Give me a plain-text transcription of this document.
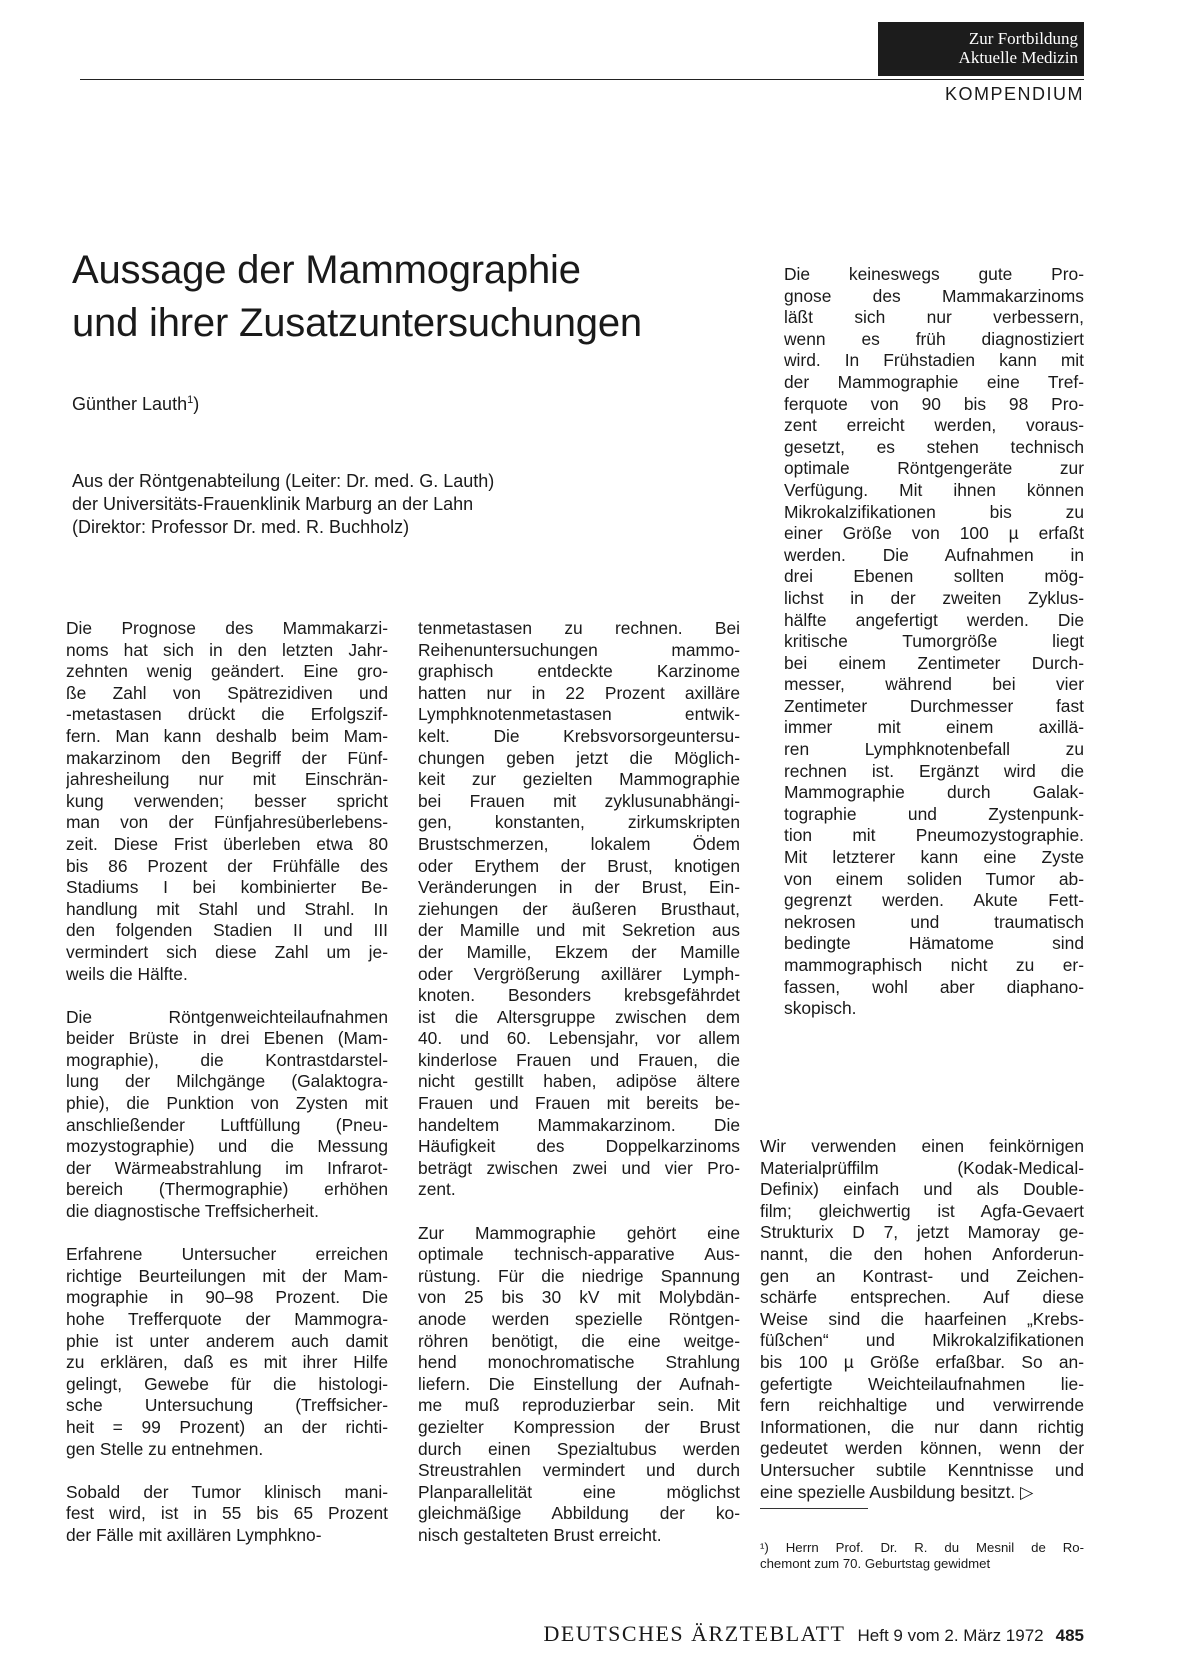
Zur Fortbildung
Aktuelle Medizin
KOMPENDIUM
Aussage der Mammographie
und ihrer Zusatzuntersuchungen
Günther Lauth$^1$)
Aus der Röntgenabteilung (Leiter: Dr. med. G. Lauth)
der Universitäts-Frauenklinik Marburg an der Lahn
(Direktor: Professor Dr. med. R. Buchholz)
Die Prognose des Mammakarzi-
noms hat sich in den letzten Jahr-
zehnten wenig geändert. Eine gro-
ße Zahl von Spätrezidiven und
-metastasen drückt die Erfolgszif-
fern. Man kann deshalb beim Mam-
makarzinom den Begriff der Fünf-
jahresheilung nur mit Einschrän-
kung verwenden; besser spricht
man von der Fünfjahresüberlebens-
zeit. Diese Frist überleben etwa 80
bis 86 Prozent der Frühfälle des
Stadiums I bei kombinierter Be-
handlung mit Stahl und Strahl. In
den folgenden Stadien II und III
vermindert sich diese Zahl um je-
weils die Hälfte.
Die Röntgenweichteilaufnahmen
beider Brüste in drei Ebenen (Mam-
mographie), die Kontrastdarstel-
lung der Milchgänge (Galaktogra-
phie), die Punktion von Zysten mit
anschließender Luftfüllung (Pneu-
mozystographie) und die Messung
der Wärmeabstrahlung im Infrarot-
bereich (Thermographie) erhöhen
die diagnostische Treffsicherheit.
Erfahrene Untersucher erreichen
richtige Beurteilungen mit der Mam-
mographie in 90–98 Prozent. Die
hohe Trefferquote der Mammogra-
phie ist unter anderem auch damit
zu erklären, daß es mit ihrer Hilfe
gelingt, Gewebe für die histologi-
sche Untersuchung (Treffsicher-
heit = 99 Prozent) an der richti-
gen Stelle zu entnehmen.
Sobald der Tumor klinisch mani-
fest wird, ist in 55 bis 65 Prozent
der Fälle mit axillären Lymphkno-
tenmetastasen zu rechnen. Bei
Reihenuntersuchungen mammo-
graphisch entdeckte Karzinome
hatten nur in 22 Prozent axilläre
Lymphknotenmetastasen entwik-
kelt. Die Krebsvorsorgeuntersu-
chungen geben jetzt die Möglich-
keit zur gezielten Mammographie
bei Frauen mit zyklusunabhängi-
gen, konstanten, zirkumskripten
Brustschmerzen, lokalem Ödem
oder Erythem der Brust, knotigen
Veränderungen in der Brust, Ein-
ziehungen der äußeren Brusthaut,
der Mamille und mit Sekretion aus
der Mamille, Ekzem der Mamille
oder Vergrößerung axillärer Lymph-
knoten. Besonders krebsgefährdet
ist die Altersgruppe zwischen dem
40. und 60. Lebensjahr, vor allem
kinderlose Frauen und Frauen, die
nicht gestillt haben, adipöse ältere
Frauen und Frauen mit bereits be-
handeltem Mammakarzinom. Die
Häufigkeit des Doppelkarzinoms
beträgt zwischen zwei und vier Pro-
zent.
Zur Mammographie gehört eine
optimale technisch-apparative Aus-
rüstung. Für die niedrige Spannung
von 25 bis 30 kV mit Molybdän-
anode werden spezielle Röntgen-
röhren benötigt, die eine weitge-
hend monochromatische Strahlung
liefern. Die Einstellung der Aufnah-
me muß reproduzierbar sein. Mit
gezielter Kompression der Brust
durch einen Spezialtubus werden
Streustrahlen vermindert und durch
Planparallelität eine möglichst
gleichmäßige Abbildung der ko-
nisch gestalteten Brust erreicht.
Die keineswegs gute Pro-
gnose des Mammakarzinoms
läßt sich nur verbessern,
wenn es früh diagnostiziert
wird. In Frühstadien kann mit
der Mammographie eine Tref-
ferquote von 90 bis 98 Pro-
zent erreicht werden, voraus-
gesetzt, es stehen technisch
optimale Röntgengeräte zur
Verfügung. Mit ihnen können
Mikrokalzifikationen bis zu
einer Größe von 100 µ erfaßt
werden. Die Aufnahmen in
drei Ebenen sollten mög-
lichst in der zweiten Zyklus-
hälfte angefertigt werden. Die
kritische Tumorgröße liegt
bei einem Zentimeter Durch-
messer, während bei vier
Zentimeter Durchmesser fast
immer mit einem axillä-
ren Lymphknotenbefall zu
rechnen ist. Ergänzt wird die
Mammographie durch Galak-
tographie und Zystenpunk-
tion mit Pneumozystographie.
Mit letzterer kann eine Zyste
von einem soliden Tumor ab-
gegrenzt werden. Akute Fett-
nekrosen und traumatisch
bedingte Hämatome sind
mammographisch nicht zu er-
fassen, wohl aber diaphano-
skopisch.
Wir verwenden einen feinkörnigen
Materialprüffilm (Kodak-Medical-
Definix) einfach und als Double-
film; gleichwertig ist Agfa-Gevaert
Strukturix D 7, jetzt Mamoray ge-
nannt, die den hohen Anforderun-
gen an Kontrast- und Zeichen-
schärfe entsprechen. Auf diese
Weise sind die haarfeinen „Krebs-
füßchen“ und Mikrokalzifikationen
bis 100 µ Größe erfaßbar. So an-
gefertigte Weichteilaufnahmen lie-
fern reichhaltige und verwirrende
Informationen, die nur dann richtig
gedeutet werden können, wenn der
Untersucher subtile Kenntnisse und
eine spezielle Ausbildung besitzt. ▷
¹) Herrn Prof. Dr. R. du Mesnil de Ro-
chemont zum 70. Geburtstag gewidmet
DEUTSCHES ÄRZTEBLATT Heft 9 vom 2. März 1972 485
